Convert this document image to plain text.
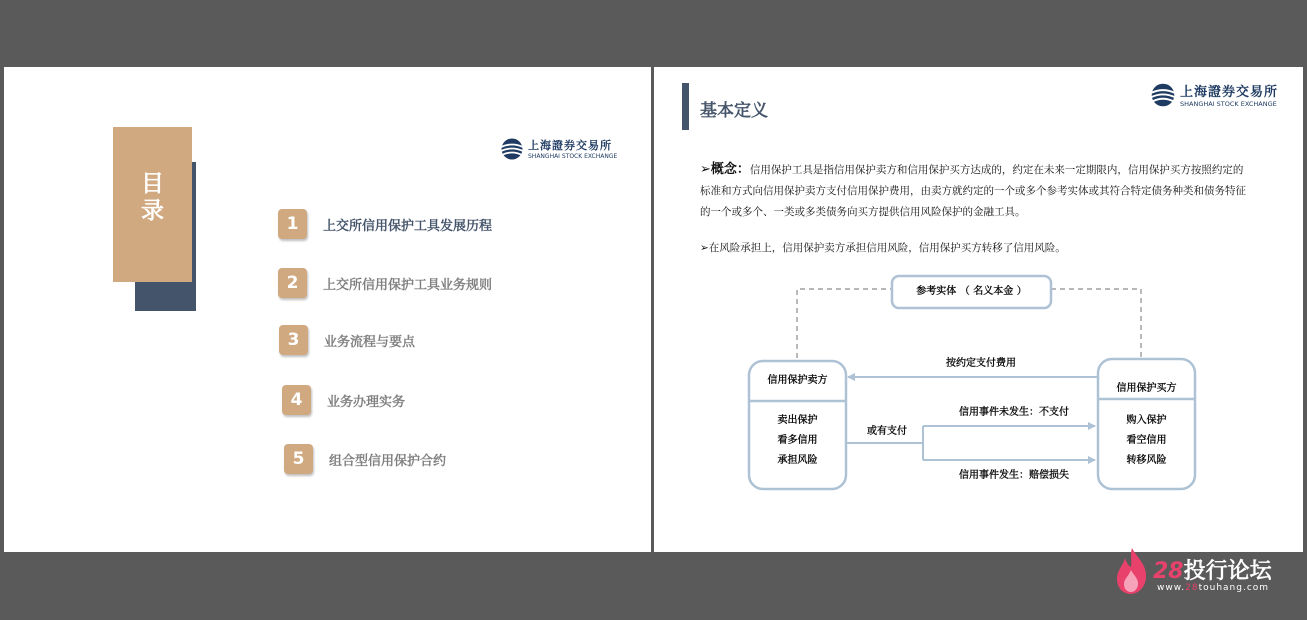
上海證券交易所
SHANGHAI STOCK EXCHANGE
目录	1	上交所信用保护工具发展历程
2	上交所信用保护工具业务规则
3	业务流程与要点
4	业务办理实务
5	组合型信用保护合约
基本定义
上海證券交易所
SHANGHAI STOCK EXCHANGE
➢概念：信用保护工具是指信用保护卖方和信用保护买方达成的，约定在未来一定期限内，信用保护买方按照约定的标准和方式向信用保护卖方支付信用保护费用，由卖方就约定的一个或多个参考实体或其符合特定债务种类和债务特征的一个或多个、一类或多类债务向买方提供信用风险保护的金融工具。
➢在风险承担上，信用保护卖方承担信用风险，信用保护买方转移了信用风险。
参考实体 （ 名义本金 ）
信用保护卖方
卖出保护
看多信用
承担风险
信用保护买方
购入保护
看空信用
转移风险
按约定支付费用
或有支付
信用事件未发生：不支付
信用事件发生：赔偿损失
28投行论坛
www.28touhang.com
